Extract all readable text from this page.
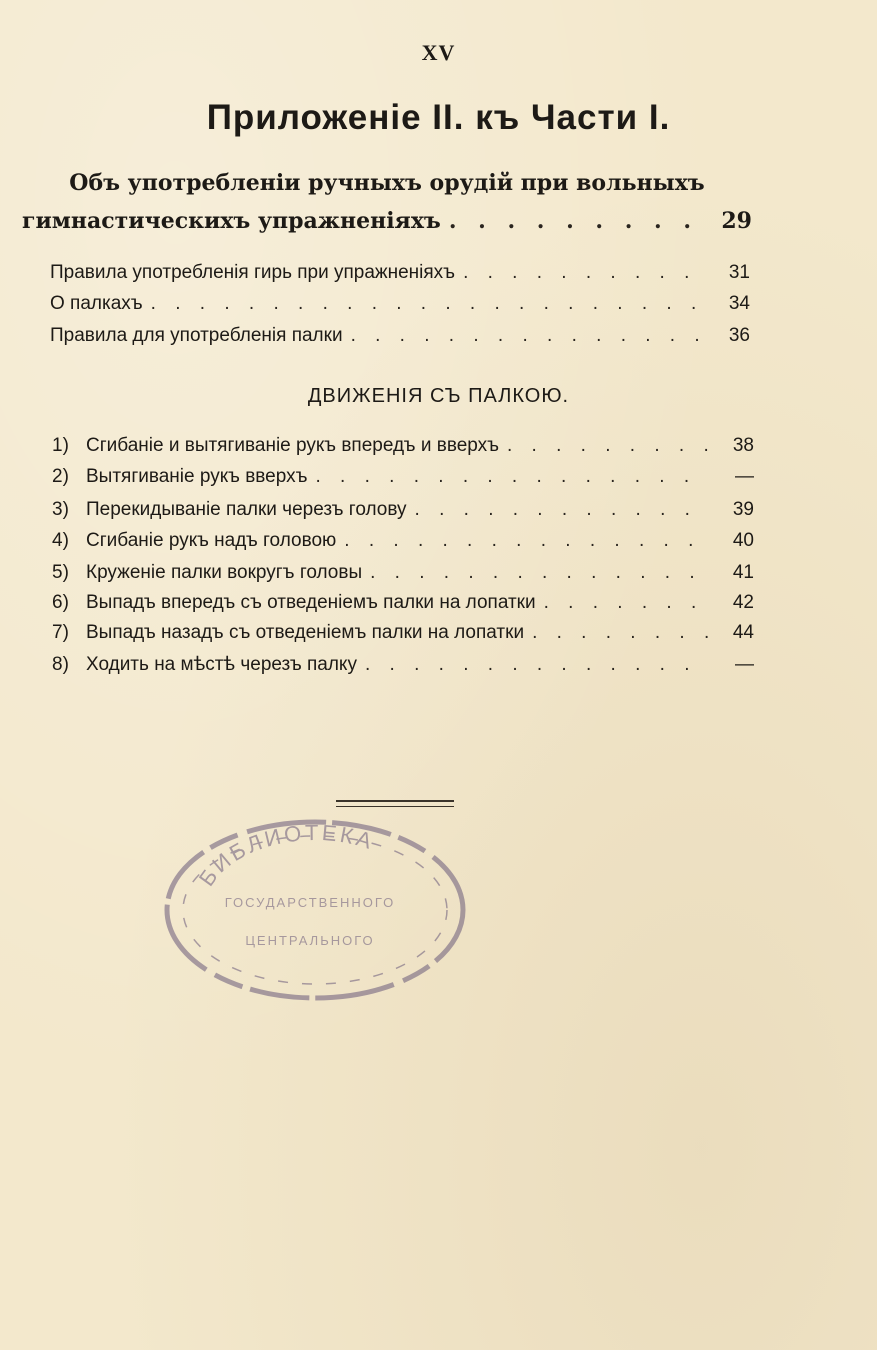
XV
Приложеніе II. къ Части I.
Объ употребленіи ручныхъ орудій при вольныхъ
гимнастическихъ упражненіяхъ . . .	29
Правила употребленія гирь при упражненіяхъ . . .	31
О палкахъ . . .	34
Правила для употребленія палки . . .	36
ДВИЖЕНІЯ СЪ ПАЛКОЮ.
1) Сгибаніе и вытягиваніе рукъ впередъ и вверхъ . . .	38
2) Вытягиваніе рукъ вверхъ . . .	—
3) Перекидываніе палки черезъ голову . . .	39
4) Сгибаніе рукъ надъ головою . . .	40
5) Круженіе палки вокругъ головы . . .	41
6) Выпадъ впередъ съ отведеніемъ палки на лопатки . . .	42
7) Выпадъ назадъ съ отведеніемъ палки на лопатки . . .	44
8) Ходить на мѣстѣ черезъ палку . . .	—
БИБЛИОТЕКА
ГОСУДАРСТВЕННОГО
ЦЕНТРАЛЬНОГО
